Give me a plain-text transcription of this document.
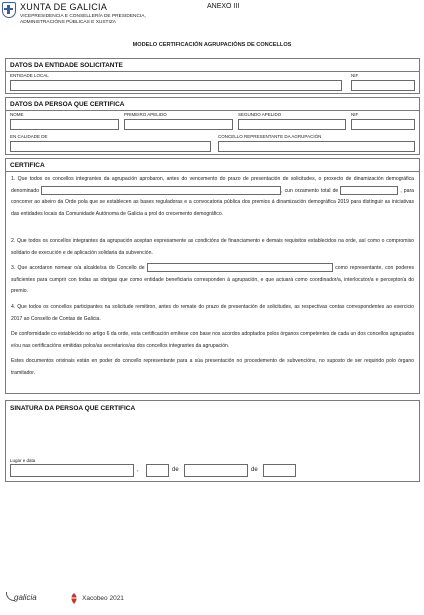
XUNTA DE GALICIA
VICEPRESIDENCIA E CONSELLERÍA DE PRESIDENCIA,
ADMINISTRACIÓNS PÚBLICAS E XUSTIZA
ANEXO III
MODELO CERTIFICACIÓN AGRUPACIÓNS DE CONCELLOS
DATOS DA ENTIDADE SOLICITANTE
ENTIDADE LOCAL	NIF
DATOS DA PERSOA QUE CERTIFICA
NOME	PRIMEIRO APELIDO	SEGUNDO APELIDO	NIF
EN CALIDADE DE	CONCELLO REPRESENTANTE DA AGRUPACIÓN
CERTIFICA
1. Que todos os concellos integrantes da agrupación aprobaron, antes do vencemento do prazo de presentación de solicitudes, o proxecto de dinamización demográfica denominado	, cun orzamento total de	, para concorrer ao abeiro da Orde pola que se establecen as bases reguladoras e a convocatoria pública dos premios á dinamización demográfica 2019 para distinguir as iniciativas das entidades locais da Comunidade Autónoma de Galicia a prol do crecemento demográfico.
2. Que todos os concellos integrantes da agrupación aceptan expresamente as condicións de financiamento e demais requisitos establecidos na orde, así como o compromiso solidario de execución e de aplicación solidaria da subvención.
3. Que acordaron nomear o/a alcalde/sa do Concello de	como representante, con poderes suficientes para cumprir con todas as obrigas que como entidade beneficiaria corresponden á agrupación, e que actuará como coordinador/a, interlocutor/a e perceptor/a do premio.
4. Que todos os concellos participantes na solicitude remitiron, antes do remate do prazo de presentación de solicitudes, as respectivas contas correspondentes ao exercicio 2017 ao Consello de Contas de Galicia.
De conformidade co establecido no artigo 6 da orde, esta certificación emítese con base nos acordos adoptados polos órganos competentes de cada un dos concellos agrupados e/ou nas certificacións emitidas polos/as secretarios/as dos concellos integrantes da agrupación.
Estes documentos orixinais están en poder do concello representante para a súa presentación no procedemento de subvencións, no suposto de ser requirido polo órgano tramitador.
SINATURA DA PERSOA QUE CERTIFICA
Lugar e data
,	de	de
galicia	Xacobeo 2021
